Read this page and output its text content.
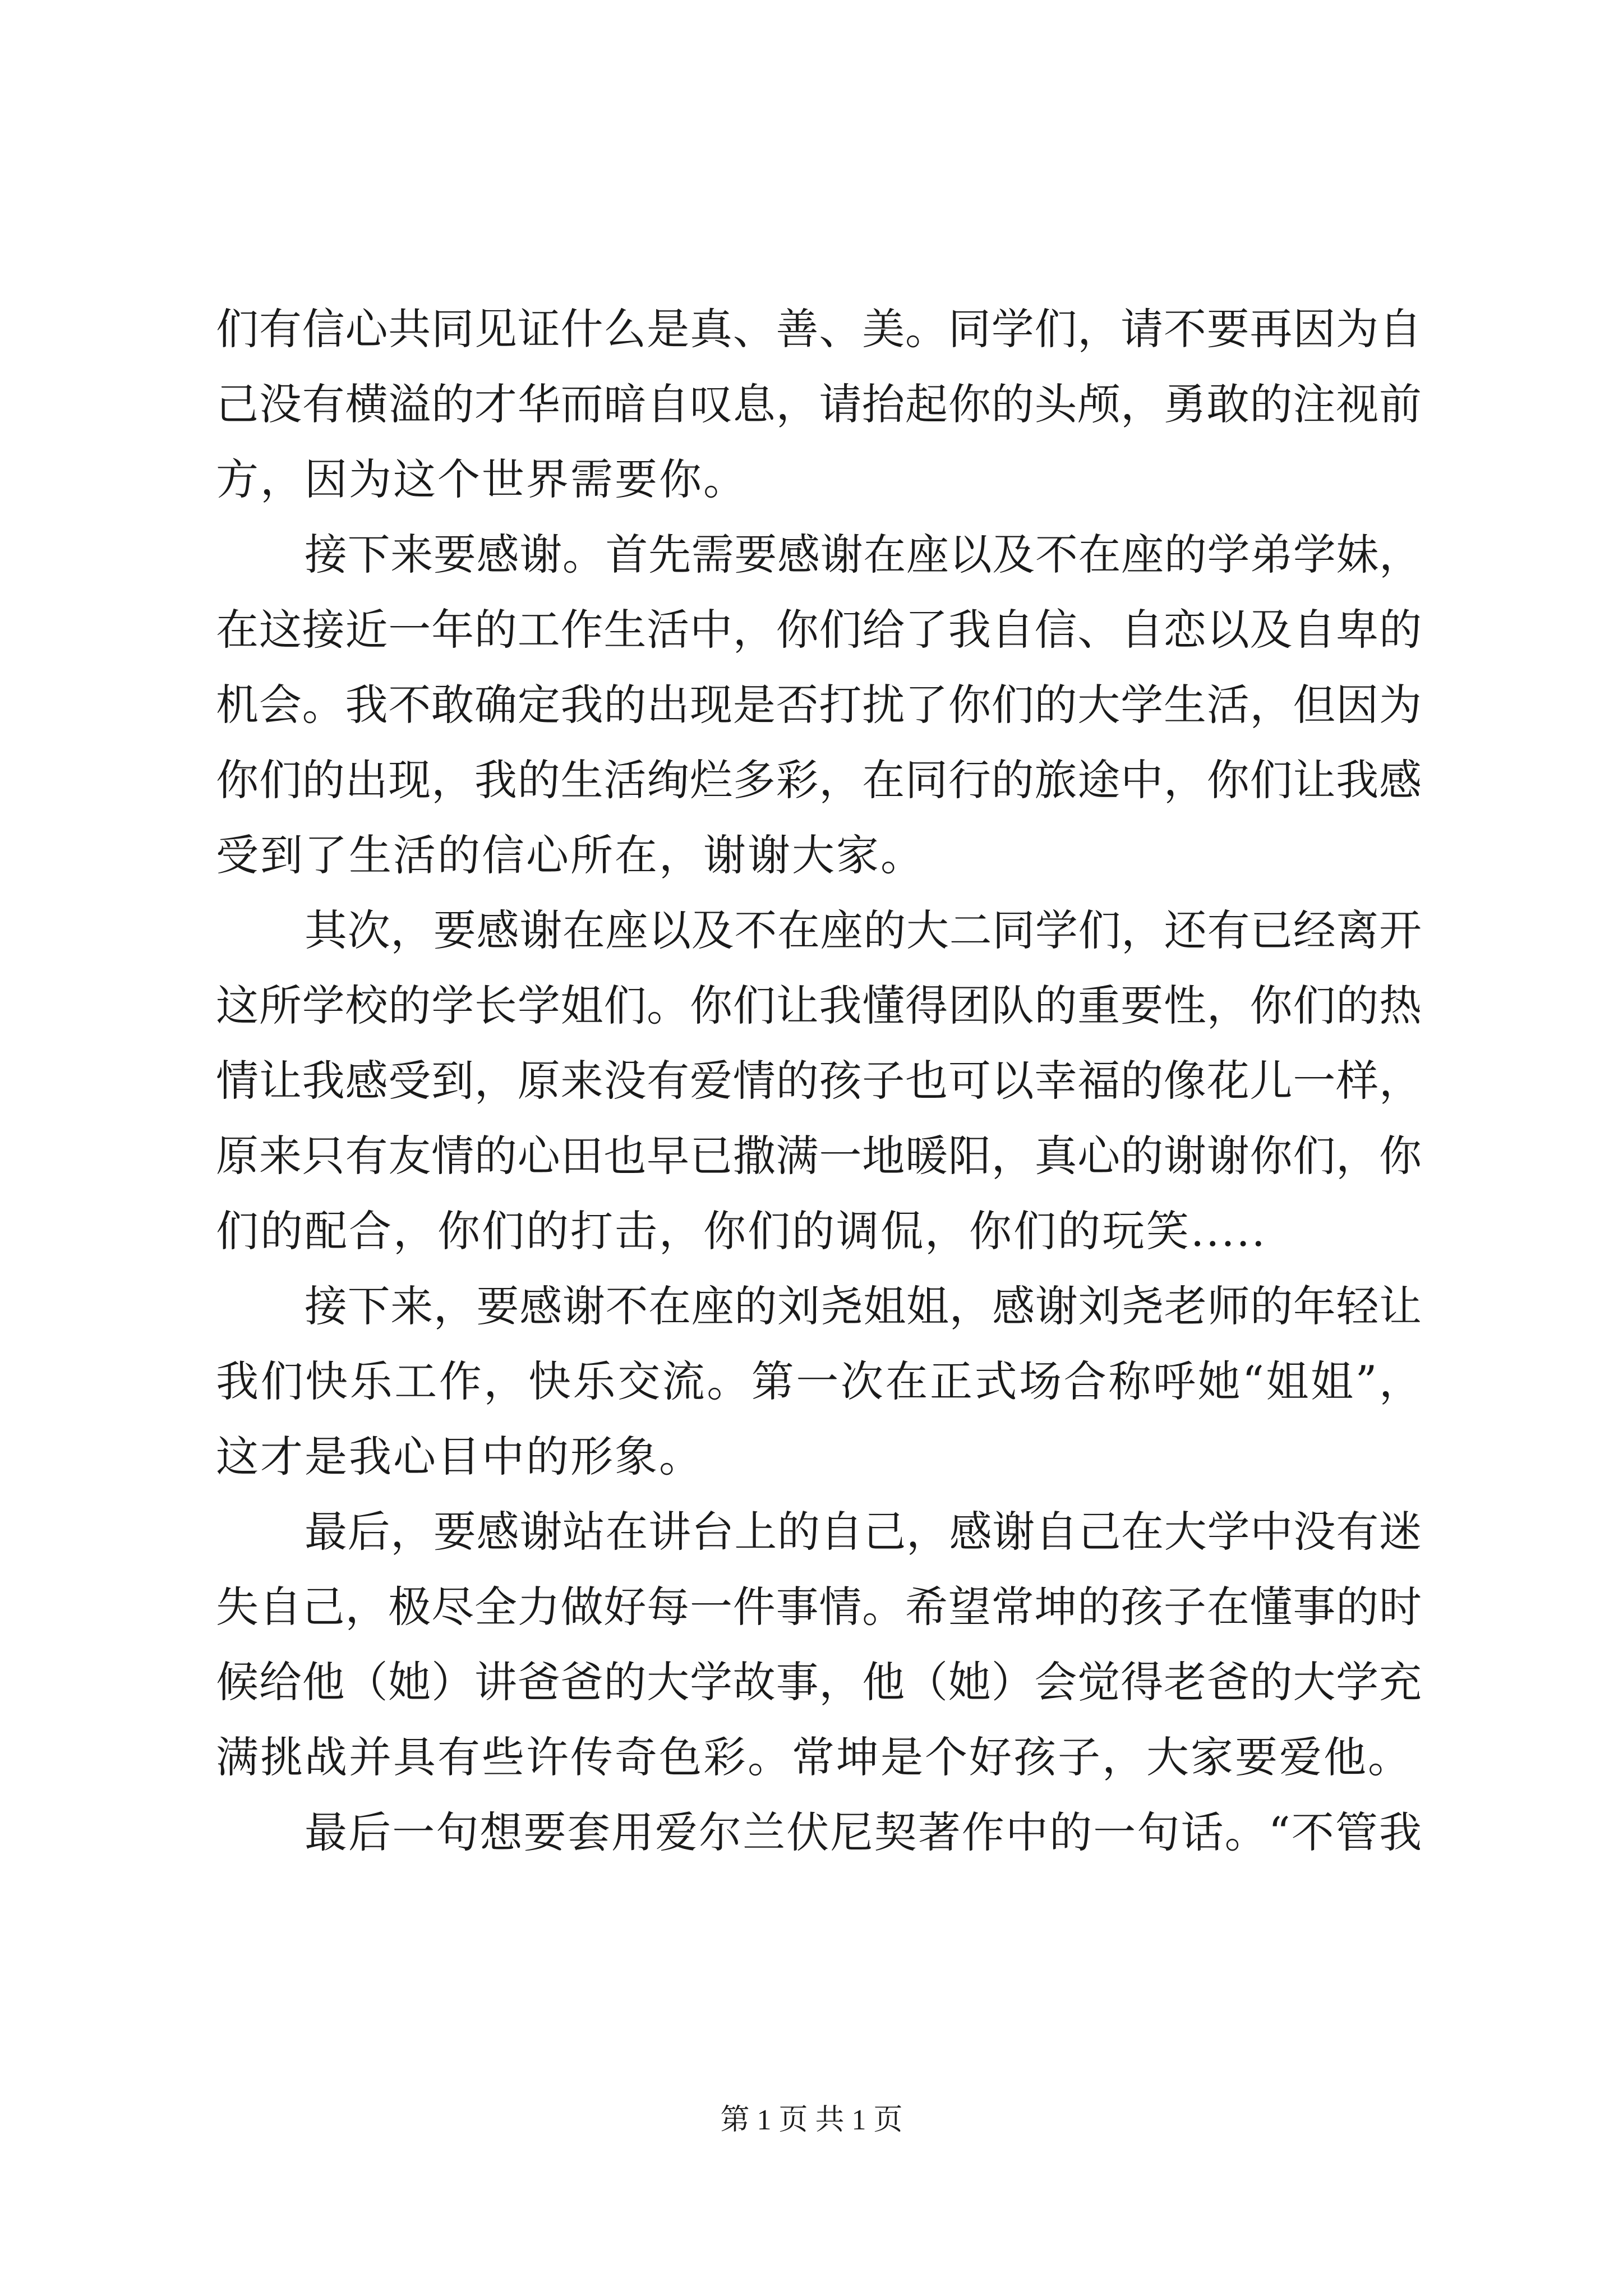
们有信心共同见证什么是真、善、美。同学们，请不要再因为自
己没有横溢的才华而暗自叹息，请抬起你的头颅，勇敢的注视前
方，因为这个世界需要你。
接下来要感谢。首先需要感谢在座以及不在座的学弟学妹，
在这接近一年的工作生活中，你们给了我自信、自恋以及自卑的
机会。我不敢确定我的出现是否打扰了你们的大学生活，但因为
你们的出现，我的生活绚烂多彩，在同行的旅途中，你们让我感
受到了生活的信心所在，谢谢大家。
其次，要感谢在座以及不在座的大二同学们，还有已经离开
这所学校的学长学姐们。你们让我懂得团队的重要性，你们的热
情让我感受到，原来没有爱情的孩子也可以幸福的像花儿一样，
原来只有友情的心田也早已撒满一地暖阳，真心的谢谢你们，你
们的配合，你们的打击，你们的调侃，你们的玩笑.....
接下来，要感谢不在座的刘尧姐姐，感谢刘尧老师的年轻让
我们快乐工作，快乐交流。第一次在正式场合称呼她“姐姐”，
这才是我心目中的形象。
最后，要感谢站在讲台上的自己，感谢自己在大学中没有迷
失自己，极尽全力做好每一件事情。希望常坤的孩子在懂事的时
候给他（她）讲爸爸的大学故事，他（她）会觉得老爸的大学充
满挑战并具有些许传奇色彩。常坤是个好孩子，大家要爱他。
最后一句想要套用爱尔兰伏尼契著作中的一句话。“不管我
第 1 页 共 1 页
